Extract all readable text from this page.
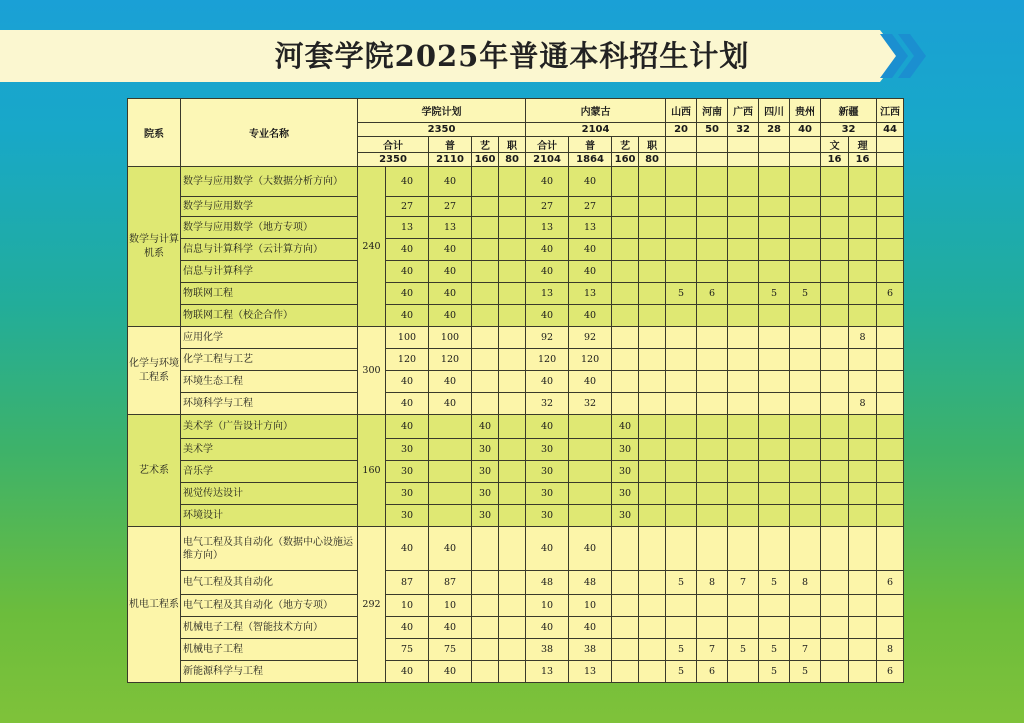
河套学院2025年普通本科招生计划
院系	专业名称	学院计划					内蒙古				山西	河南	广西	四川	贵州	新疆		江西
		2350					2104				20	50	32	28	40	32		44
		合计		普	艺	职	合计	普	艺	职						文	理	
		2350		2110	160	80	2104	1864	160	80						16	16	
数学与计算机系	数学与应用数学（大数据分析方向）	240	40	40			40	40										
	数学与应用数学		27	27			27	27										
	数学与应用数学（地方专项）		13	13			13	13										
	信息与计算科学（云计算方向）		40	40			40	40										
	信息与计算科学		40	40			40	40										
	物联网工程		40	40			13	13			5	6		5	5			6
	物联网工程（校企合作）		40	40			40	40										
化学与环境工程系	应用化学	300	100	100			92	92									8	
	化学工程与工艺		120	120			120	120										
	环境生态工程		40	40			40	40										
	环境科学与工程		40	40			32	32									8	
艺术系	美术学（广告设计方向）	160	40		40		40		40									
	美术学		30		30		30		30									
	音乐学		30		30		30		30									
	视觉传达设计		30		30		30		30									
	环境设计		30		30		30		30									
机电工程系	电气工程及其自动化（数据中心设施运维方向）	292	40	40			40	40										
	电气工程及其自动化		87	87			48	48			5	8	7	5	8			6
	电气工程及其自动化（地方专项）		10	10			10	10										
	机械电子工程（智能技术方向）		40	40			40	40										
	机械电子工程		75	75			38	38			5	7	5	5	7			8
	新能源科学与工程		40	40			13	13			5	6		5	5			6
